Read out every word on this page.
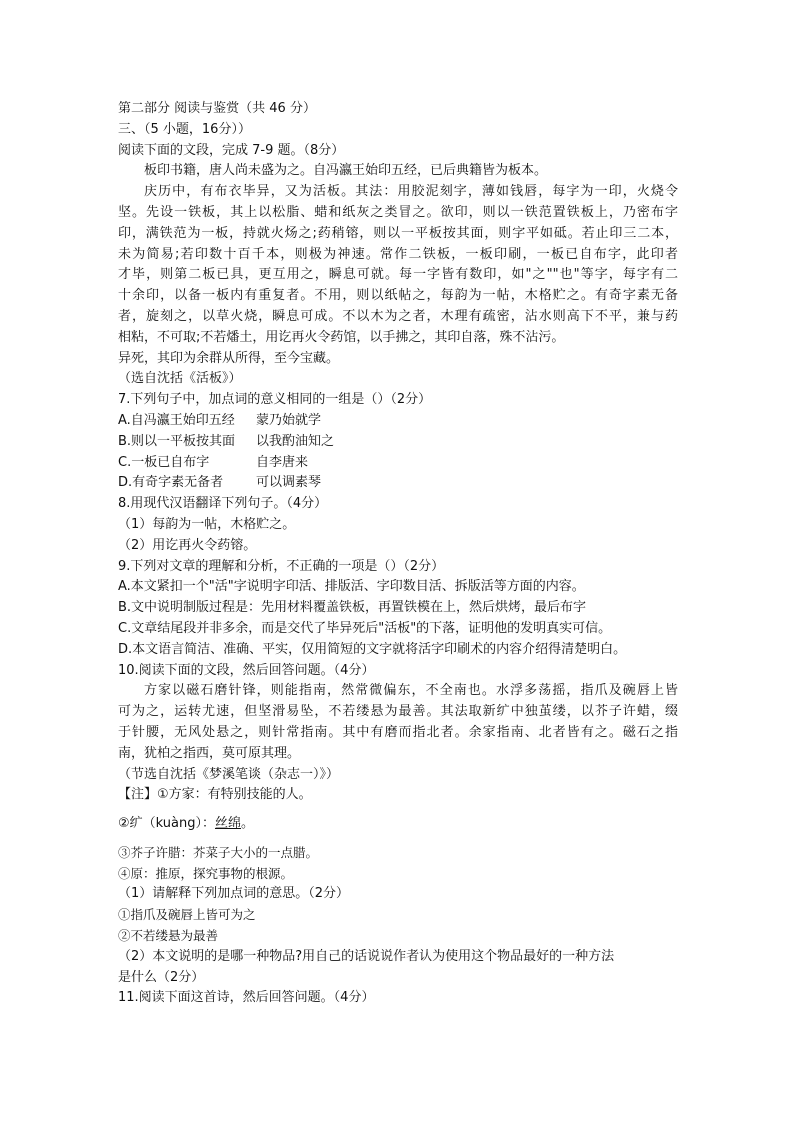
第二部分 阅读与鉴赏（共 46 分）
三、（5 小题，16分））
阅读下面的文段，完成 7-9 题。（8分）
板印书籍，唐人尚未盛为之。自冯瀛王始印五经，已后典籍皆为板本。
庆历中，有布衣毕异，又为活板。其法：用胶泥刻字，薄如钱唇，每字为一印，火烧令
坚。先设一铁板，其上以松脂、蜡和纸灰之类冒之。欲印，则以一铁范置铁板上，乃密布字
印，满铁范为一板，持就火炀之;药稍镕，则以一平板按其面，则字平如砥。若止印三二本，
未为简易;若印数十百千本，则极为神速。常作二铁板，一板印刷，一板已自布字，此印者
才毕，则第二板已具，更互用之，瞬息可就。每一字皆有数印，如"之""也"等字，每字有二
十余印，以备一板内有重复者。不用，则以纸帖之，每韵为一帖，木格贮之。有奇字素无备
者，旋刻之，以草火烧，瞬息可成。不以木为之者，木理有疏密，沾水则高下不平，兼与药
相粘，不可取;不若燔土，用讫再火令药馆，以手拂之，其印自落，殊不沾污。
异死，其印为余群从所得，至今宝藏。
（选自沈括《活板》）
7.下列句子中，加点词的意义相同的一组是（）（2分）
A.自冯瀛王始印五经	蒙乃始就学
B.则以一平板按其面	以我酌油知之
C.一板已自布字	自李唐来
D.有奇字素无备者	可以调素琴
8.用现代汉语翻译下列句子。（4分）
（1）每韵为一帖，木格贮之。
（2）用讫再火令药镕。
9.下列对文章的理解和分析，不正确的一项是（）（2分）
A.本文紧扣一个"活"字说明字印活、排版活、字印数目活、拆版活等方面的内容。
B.文中说明制版过程是：先用材料覆盖铁板，再置铁模在上，然后烘烤，最后布字
C.文章结尾段并非多余，而是交代了毕异死后"活板"的下落，证明他的发明真实可信。
D.本文语言简洁、准确、平实，仅用简短的文字就将活字印刷术的内容介绍得清楚明白。
10.阅读下面的文段，然后回答问题。（4分）
方家以磁石磨针锋，则能指南，然常微偏东，不全南也。水浮多荡摇，指爪及碗唇上皆
可为之，运转尤速，但坚滑易坠，不若缕悬为最善。其法取新纩中独茧缕，以芥子许蜡，缀
于针腰，无风处悬之，则针常指南。其中有磨而指北者。余家指南、北者皆有之。磁石之指
南，犹柏之指西，莫可原其理。
（节选自沈括《梦溪笔谈（杂志一）》）
【注】①方家：有特别技能的人。
②纩（kuàng）：丝绵。
③芥子许腊：芥菜子大小的一点腊。
④原：推原，探究事物的根源。
（1）请解释下列加点词的意思。（2分）
①指爪及碗唇上皆可为之
②不若缕悬为最善
（2）本文说明的是哪一种物品?用自己的话说说作者认为使用这个物品最好的一种方法
是什么（2分）
11.阅读下面这首诗，然后回答问题。（4分）
